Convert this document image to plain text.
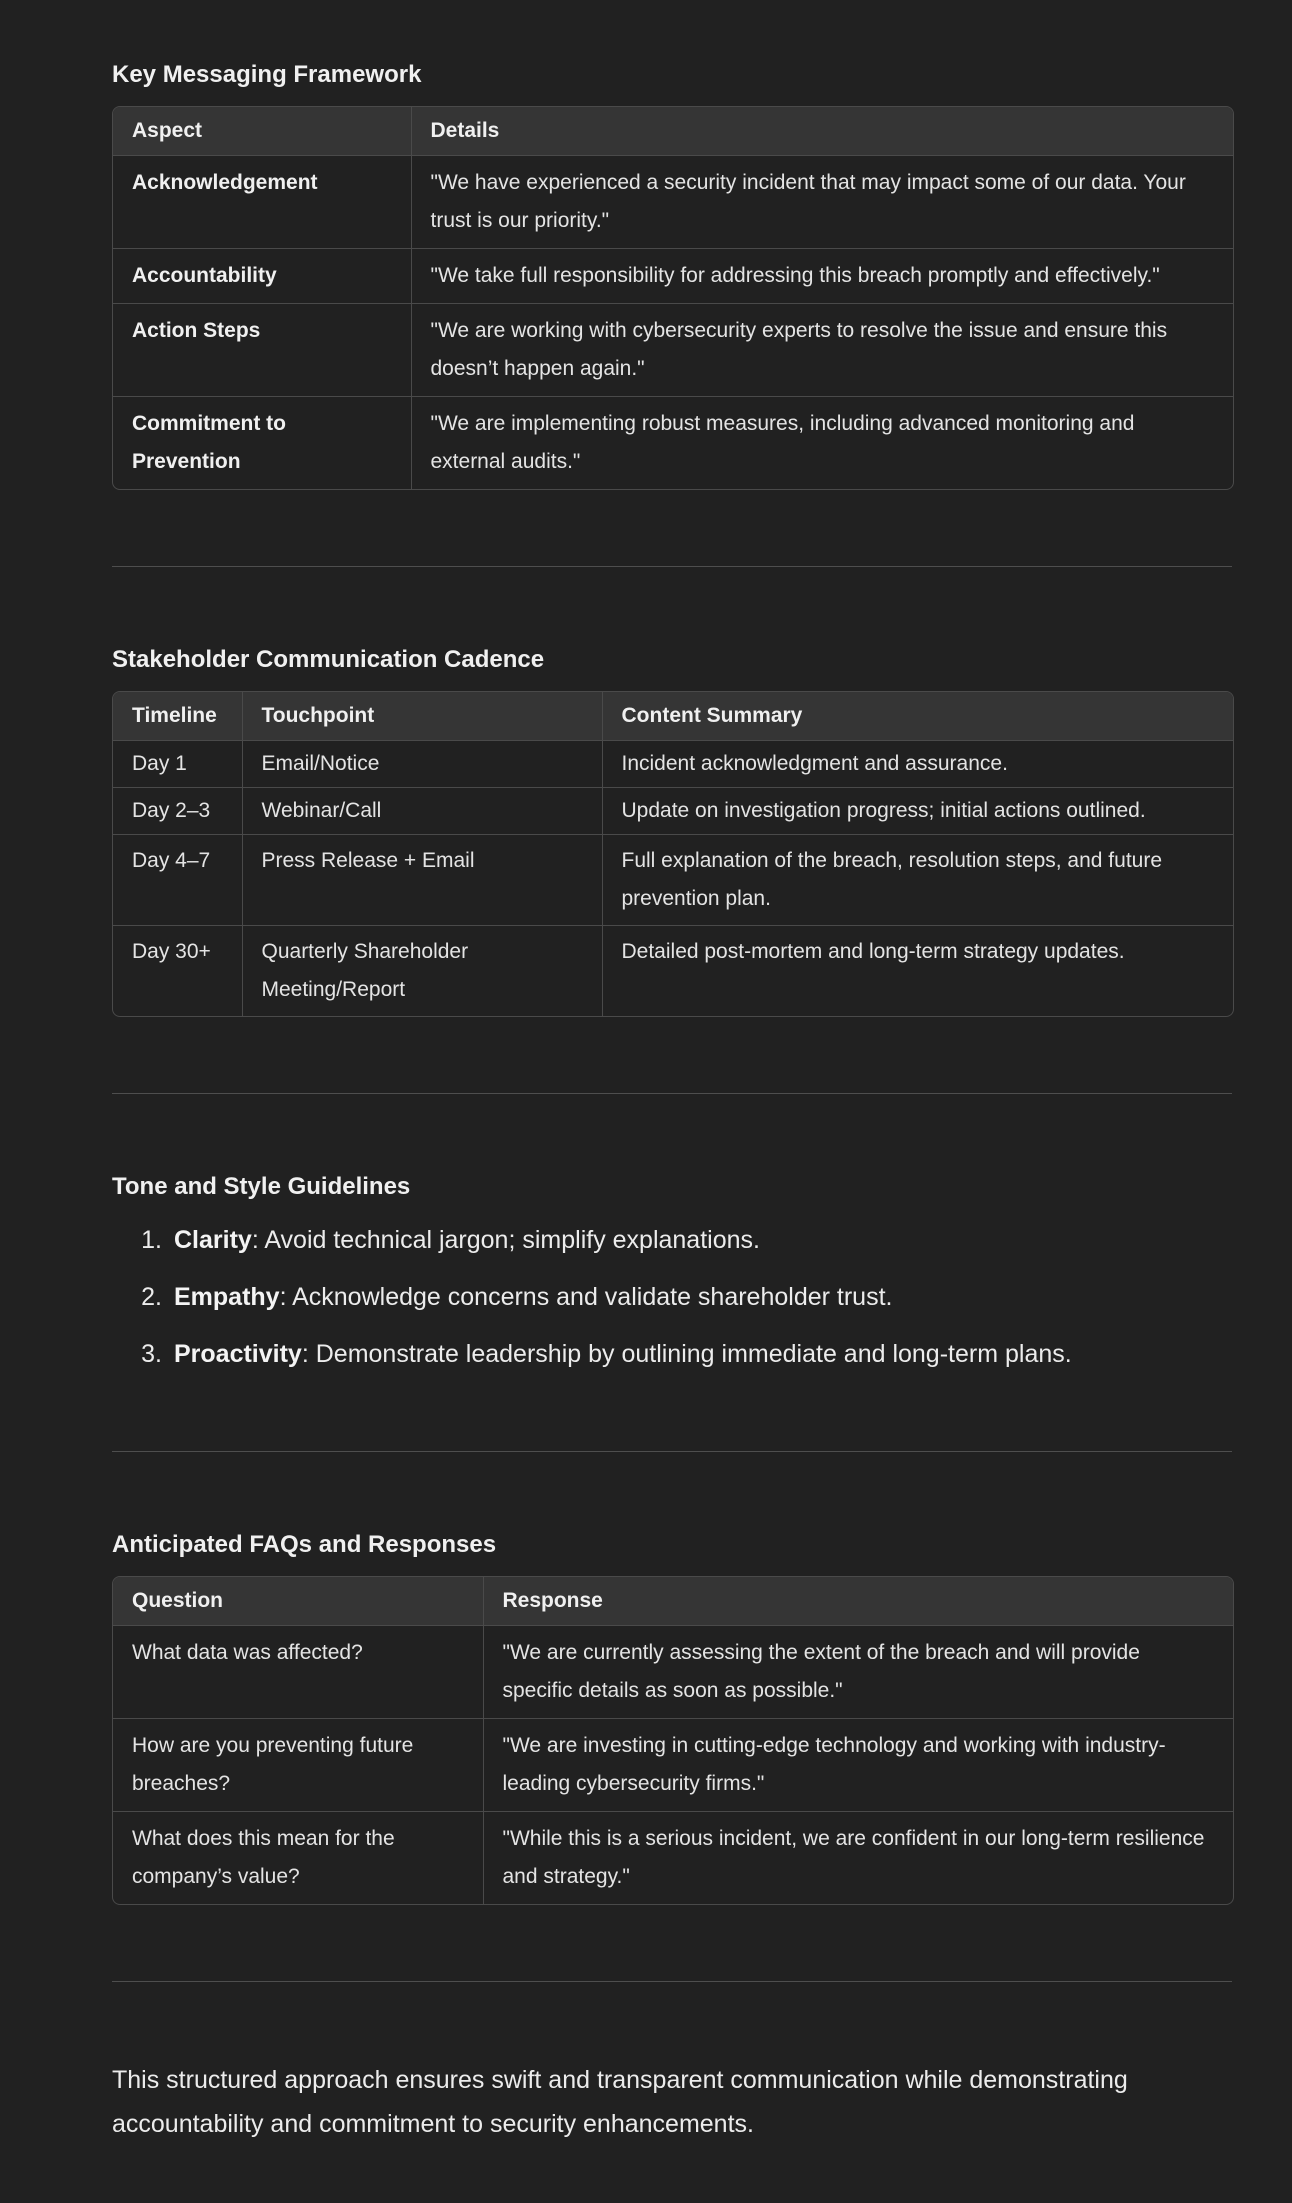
Key Messaging Framework
Aspect	Details
Acknowledgement	"We have experienced a security incident that may impact some of our data. Your trust is our priority."
Accountability	"We take full responsibility for addressing this breach promptly and effectively."
Action Steps	"We are working with cybersecurity experts to resolve the issue and ensure this doesn’t happen again."
Commitment to Prevention	"We are implementing robust measures, including advanced monitoring and external audits."
Stakeholder Communication Cadence
Timeline	Touchpoint	Content Summary
Day 1	Email/Notice	Incident acknowledgment and assurance.
Day 2–3	Webinar/Call	Update on investigation progress; initial actions outlined.
Day 4–7	Press Release + Email	Full explanation of the breach, resolution steps, and future prevention plan.
Day 30+	Quarterly Shareholder Meeting/Report	Detailed post-mortem and long-term strategy updates.
Tone and Style Guidelines
1. Clarity: Avoid technical jargon; simplify explanations.
2. Empathy: Acknowledge concerns and validate shareholder trust.
3. Proactivity: Demonstrate leadership by outlining immediate and long-term plans.
Anticipated FAQs and Responses
Question	Response
What data was affected?	"We are currently assessing the extent of the breach and will provide specific details as soon as possible."
How are you preventing future breaches?	"We are investing in cutting-edge technology and working with industry-leading cybersecurity firms."
What does this mean for the company’s value?	"While this is a serious incident, we are confident in our long-term resilience and strategy."

This structured approach ensures swift and transparent communication while demonstrating accountability and commitment to security enhancements.
